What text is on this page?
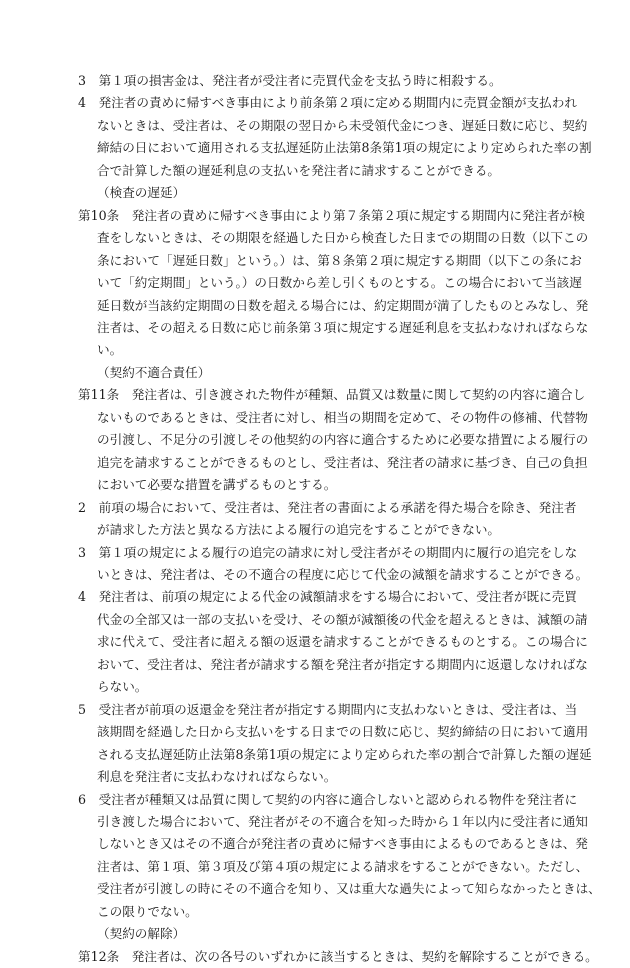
3　第１項の損害金は、発注者が受注者に売買代金を支払う時に相殺する。
4　発注者の責めに帰すべき事由により前条第２項に定める期間内に売買金額が支払われ
ないときは、受注者は、その期限の翌日から未受領代金につき、遅延日数に応じ、契約
締結の日において適用される支払遅延防止法第8条第1項の規定により定められた率の割
合で計算した額の遅延利息の支払いを発注者に請求することができる。
（検査の遅延）
第10条　発注者の責めに帰すべき事由により第７条第２項に規定する期間内に発注者が検
査をしないときは、その期限を経過した日から検査した日までの期間の日数（以下この
条において「遅延日数」という。）は、第８条第２項に規定する期間（以下この条にお
いて「約定期間」という。）の日数から差し引くものとする。この場合において当該遅
延日数が当該約定期間の日数を超える場合には、約定期間が満了したものとみなし、発
注者は、その超える日数に応じ前条第３項に規定する遅延利息を支払わなければならな
い。
（契約不適合責任）
第11条　発注者は、引き渡された物件が種類、品質又は数量に関して契約の内容に適合し
ないものであるときは、受注者に対し、相当の期間を定めて、その物件の修補、代替物
の引渡し、不足分の引渡しその他契約の内容に適合するために必要な措置による履行の
追完を請求することができるものとし、受注者は、発注者の請求に基づき、自己の負担
において必要な措置を講ずるものとする。
2　前項の場合において、受注者は、発注者の書面による承諾を得た場合を除き、発注者
が請求した方法と異なる方法による履行の追完をすることができない。
3　第１項の規定による履行の追完の請求に対し受注者がその期間内に履行の追完をしな
いときは、発注者は、その不適合の程度に応じて代金の減額を請求することができる。
4　発注者は、前項の規定による代金の減額請求をする場合において、受注者が既に売買
代金の全部又は一部の支払いを受け、その額が減額後の代金を超えるときは、減額の請
求に代えて、受注者に超える額の返還を請求することができるものとする。この場合に
おいて、受注者は、発注者が請求する額を発注者が指定する期間内に返還しなければな
らない。
5　受注者が前項の返還金を発注者が指定する期間内に支払わないときは、受注者は、当
該期間を経過した日から支払いをする日までの日数に応じ、契約締結の日において適用
される支払遅延防止法第8条第1項の規定により定められた率の割合で計算した額の遅延
利息を発注者に支払わなければならない。
6　受注者が種類又は品質に関して契約の内容に適合しないと認められる物件を発注者に
引き渡した場合において、発注者がその不適合を知った時から１年以内に受注者に通知
しないとき又はその不適合が発注者の責めに帰すべき事由によるものであるときは、発
注者は、第１項、第３項及び第４項の規定による請求をすることができない。ただし、
受注者が引渡しの時にその不適合を知り、又は重大な過失によって知らなかったときは、
この限りでない。
（契約の解除）
第12条　発注者は、次の各号のいずれかに該当するときは、契約を解除することができる。
